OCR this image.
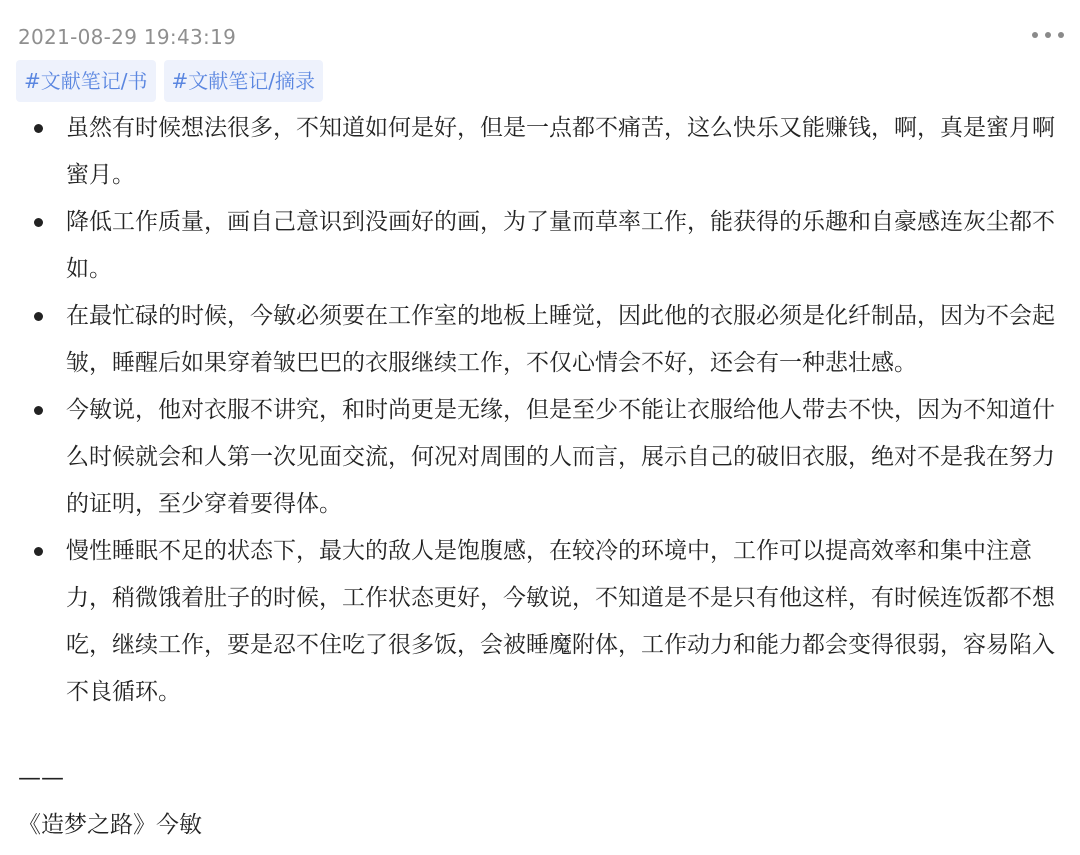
2021-08-29 19:43:19
#文献笔记/书	#文献笔记/摘录
虽然有时候想法很多，不知道如何是好，但是一点都不痛苦，这么快乐又能赚钱，啊，真是蜜月啊蜜月。
降低工作质量，画自己意识到没画好的画，为了量而草率工作，能获得的乐趣和自豪感连灰尘都不如。
在最忙碌的时候，今敏必须要在工作室的地板上睡觉，因此他的衣服必须是化纤制品，因为不会起皱，睡醒后如果穿着皱巴巴的衣服继续工作，不仅心情会不好，还会有一种悲壮感。
今敏说，他对衣服不讲究，和时尚更是无缘，但是至少不能让衣服给他人带去不快，因为不知道什么时候就会和人第一次见面交流，何况对周围的人而言，展示自己的破旧衣服，绝对不是我在努力的证明，至少穿着要得体。
慢性睡眠不足的状态下，最大的敌人是饱腹感，在较冷的环境中，工作可以提高效率和集中注意力，稍微饿着肚子的时候，工作状态更好，今敏说，不知道是不是只有他这样，有时候连饭都不想吃，继续工作，要是忍不住吃了很多饭，会被睡魔附体，工作动力和能力都会变得很弱，容易陷入不良循环。
——
《造梦之路》今敏
